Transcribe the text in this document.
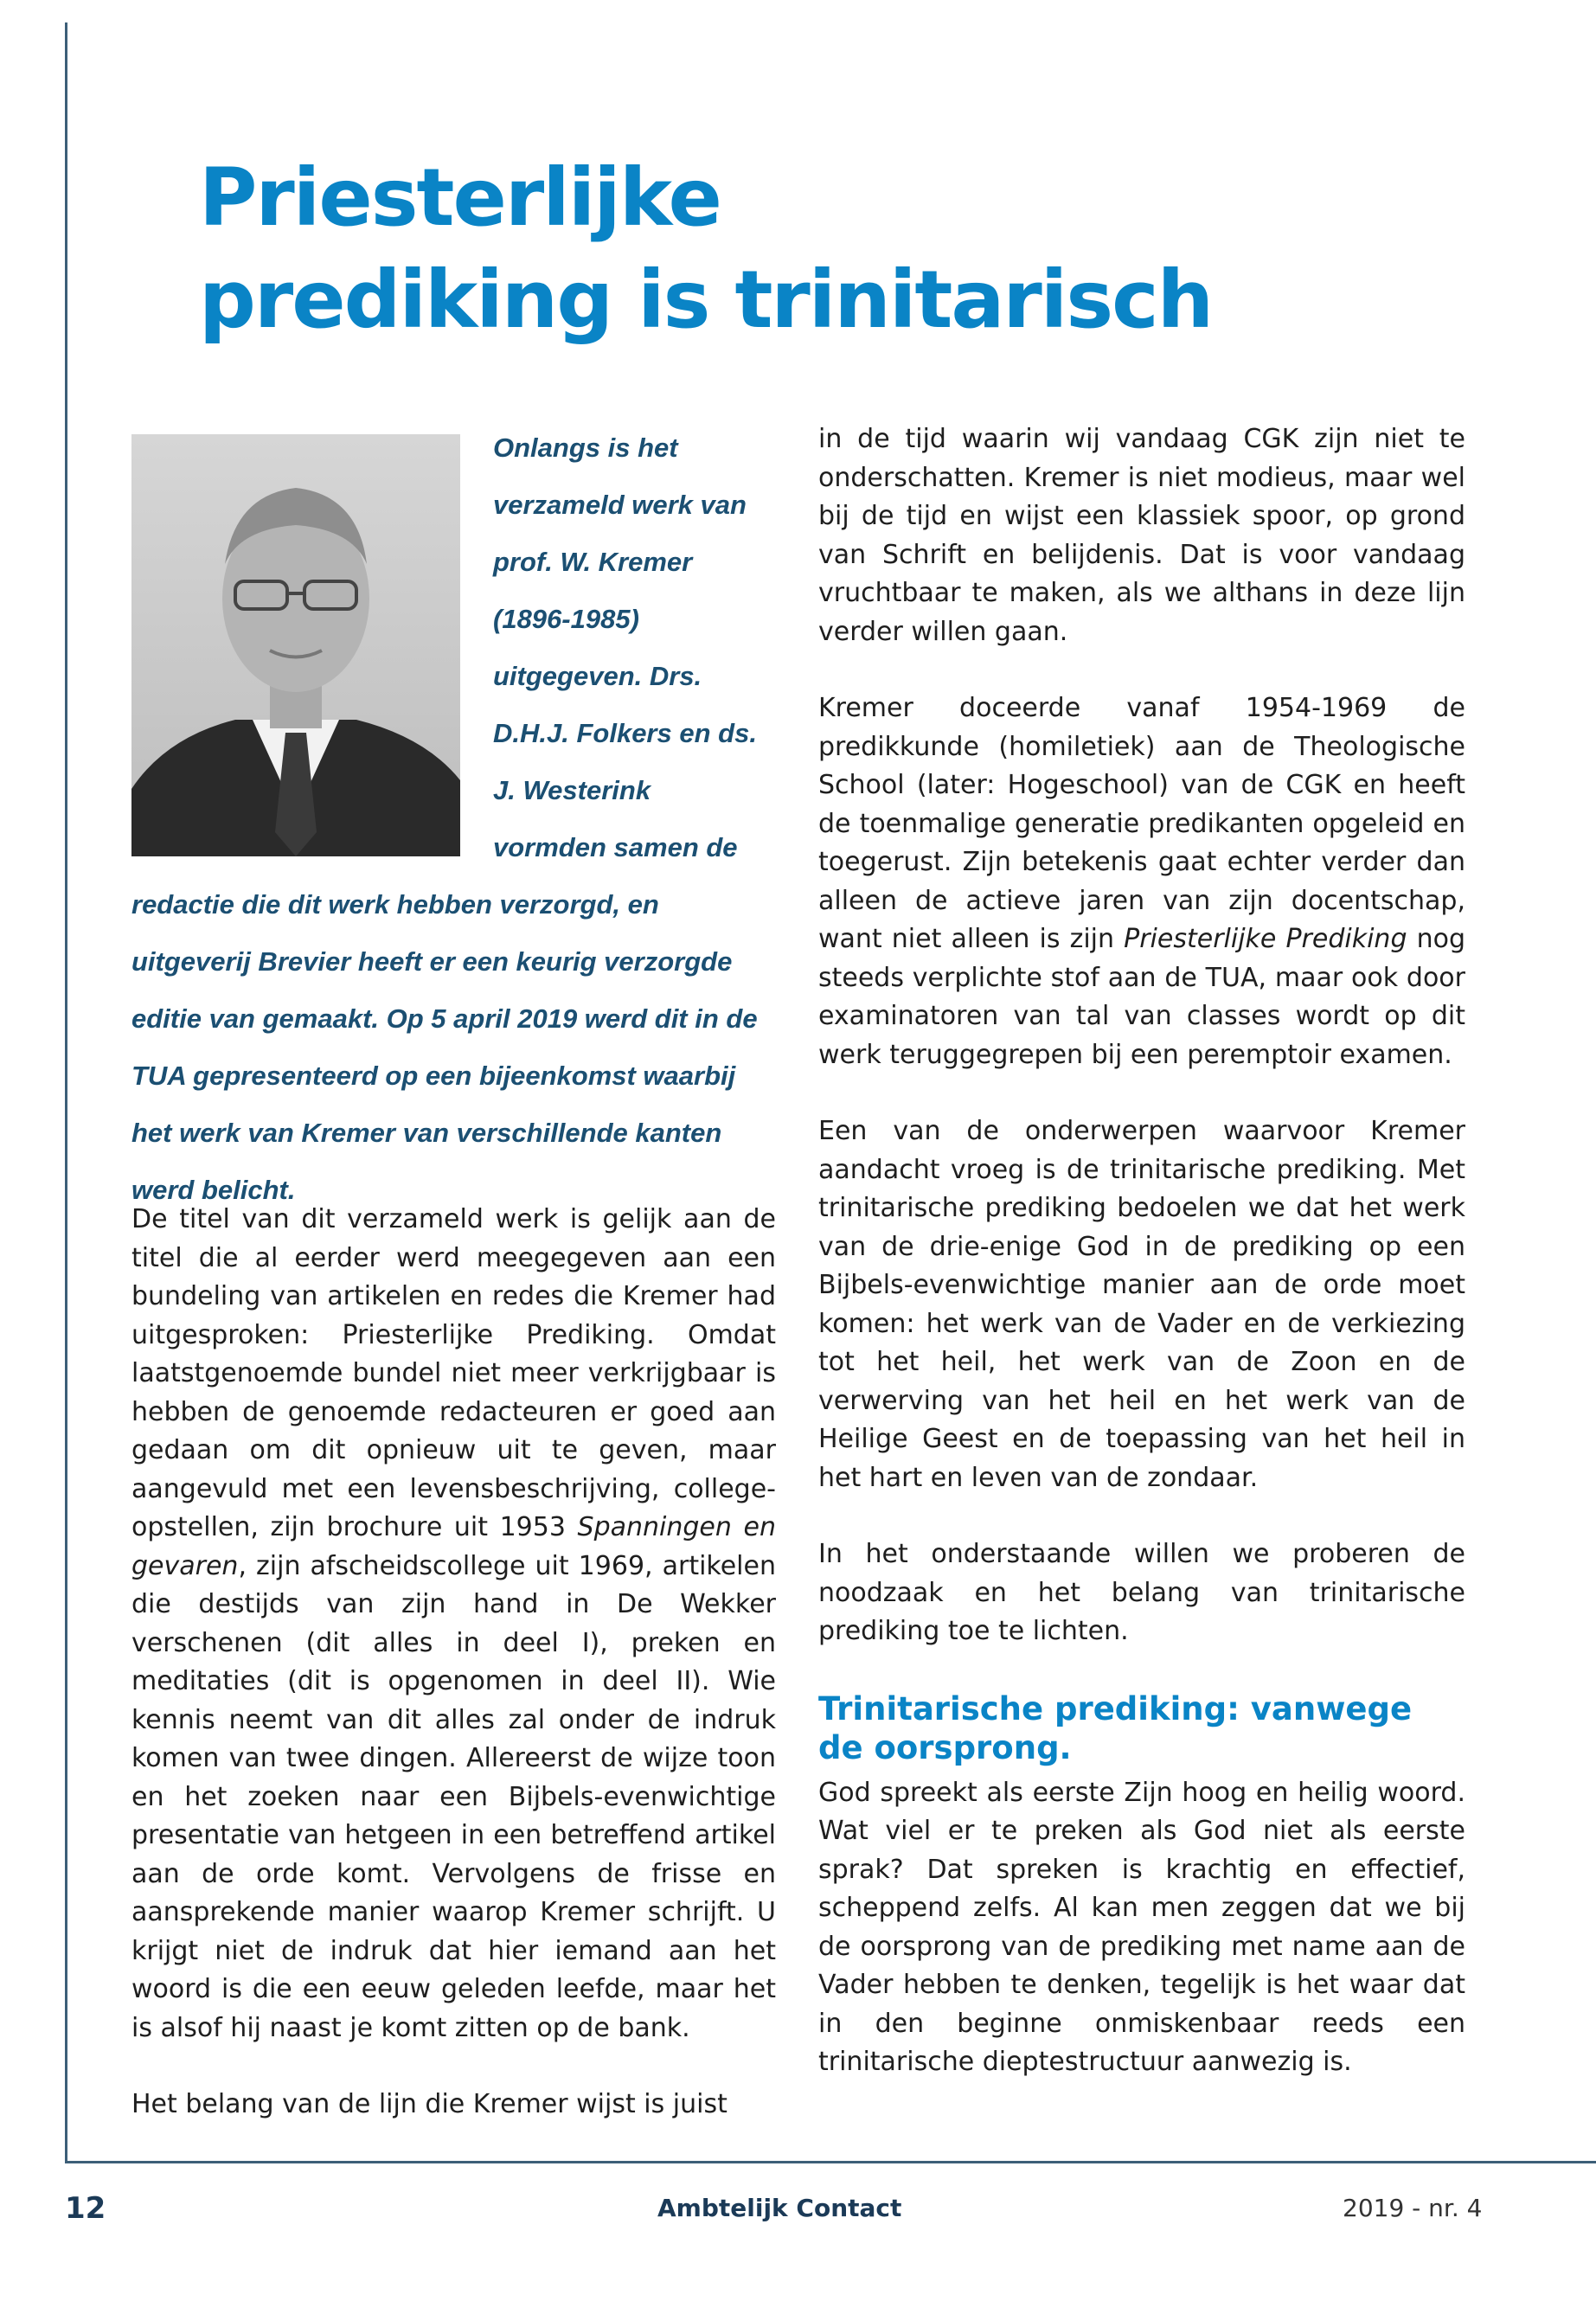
Priesterlijke
prediking is trinitarisch
Onlangs is het verzameld werk van prof. W. Kremer (1896-1985) uitgegeven. Drs. D.H.J. Folkers en ds. J. Westerink vormden samen de redactie die dit werk hebben verzorgd, en uitgeverij Brevier heeft er een keurig verzorgde editie van gemaakt. Op 5 april 2019 werd dit in de TUA gepresenteerd op een bijeenkomst waarbij het werk van Kremer van verschillende kanten werd belicht.

De titel van dit verzameld werk is gelijk aan de titel die al eerder werd meegegeven aan een bundeling van artikelen en redes die Kremer had uitgesproken: Priesterlijke Prediking. Omdat laatstgenoemde bundel niet meer verkrijgbaar is hebben de genoemde redacteuren er goed aan gedaan om dit opnieuw uit te geven, maar aangevuld met een levensbeschrijving, college-opstellen, zijn brochure uit 1953 Spanningen en gevaren, zijn afscheidscollege uit 1969, artikelen die destijds van zijn hand in De Wekker verschenen (dit alles in deel I), preken en meditaties (dit is opgenomen in deel II). Wie kennis neemt van dit alles zal onder de indruk komen van twee dingen. Allereerst de wijze toon en het zoeken naar een Bijbels-evenwichtige presentatie van hetgeen in een betreffend artikel aan de orde komt. Vervolgens de frisse en aansprekende manier waarop Kremer schrijft. U krijgt niet de indruk dat hier iemand aan het woord is die een eeuw geleden leefde, maar het is alsof hij naast je komt zitten op de bank.

Het belang van de lijn die Kremer wijst is juist

in de tijd waarin wij vandaag CGK zijn niet te onderschatten. Kremer is niet modieus, maar wel bij de tijd en wijst een klassiek spoor, op grond van Schrift en belijdenis. Dat is voor vandaag vruchtbaar te maken, als we althans in deze lijn verder willen gaan.

Kremer doceerde vanaf 1954-1969 de predikkunde (homiletiek) aan de Theologische School (later: Hogeschool) van de CGK en heeft de toenmalige generatie predikanten opgeleid en toegerust. Zijn betekenis gaat echter verder dan alleen de actieve jaren van zijn docentschap, want niet alleen is zijn Priesterlijke Prediking nog steeds verplichte stof aan de TUA, maar ook door examinatoren van tal van classes wordt op dit werk teruggegrepen bij een peremptoir examen.

Een van de onderwerpen waarvoor Kremer aandacht vroeg is de trinitarische prediking. Met trinitarische prediking bedoelen we dat het werk van de drie-enige God in de prediking op een Bijbels-evenwichtige manier aan de orde moet komen: het werk van de Vader en de verkiezing tot het heil, het werk van de Zoon en de verwerving van het heil en het werk van de Heilige Geest en de toepassing van het heil in het hart en leven van de zondaar.

In het onderstaande willen we proberen de noodzaak en het belang van trinitarische prediking toe te lichten.

Trinitarische prediking: vanwege de oorsprong.

God spreekt als eerste Zijn hoog en heilig woord. Wat viel er te preken als God niet als eerste sprak? Dat spreken is krachtig en effectief, scheppend zelfs. Al kan men zeggen dat we bij de oorsprong van de prediking met name aan de Vader hebben te denken, tegelijk is het waar dat in den beginne onmiskenbaar reeds een trinitarische dieptestructuur aanwezig is.

12	Ambtelijk Contact	2019 - nr. 4
